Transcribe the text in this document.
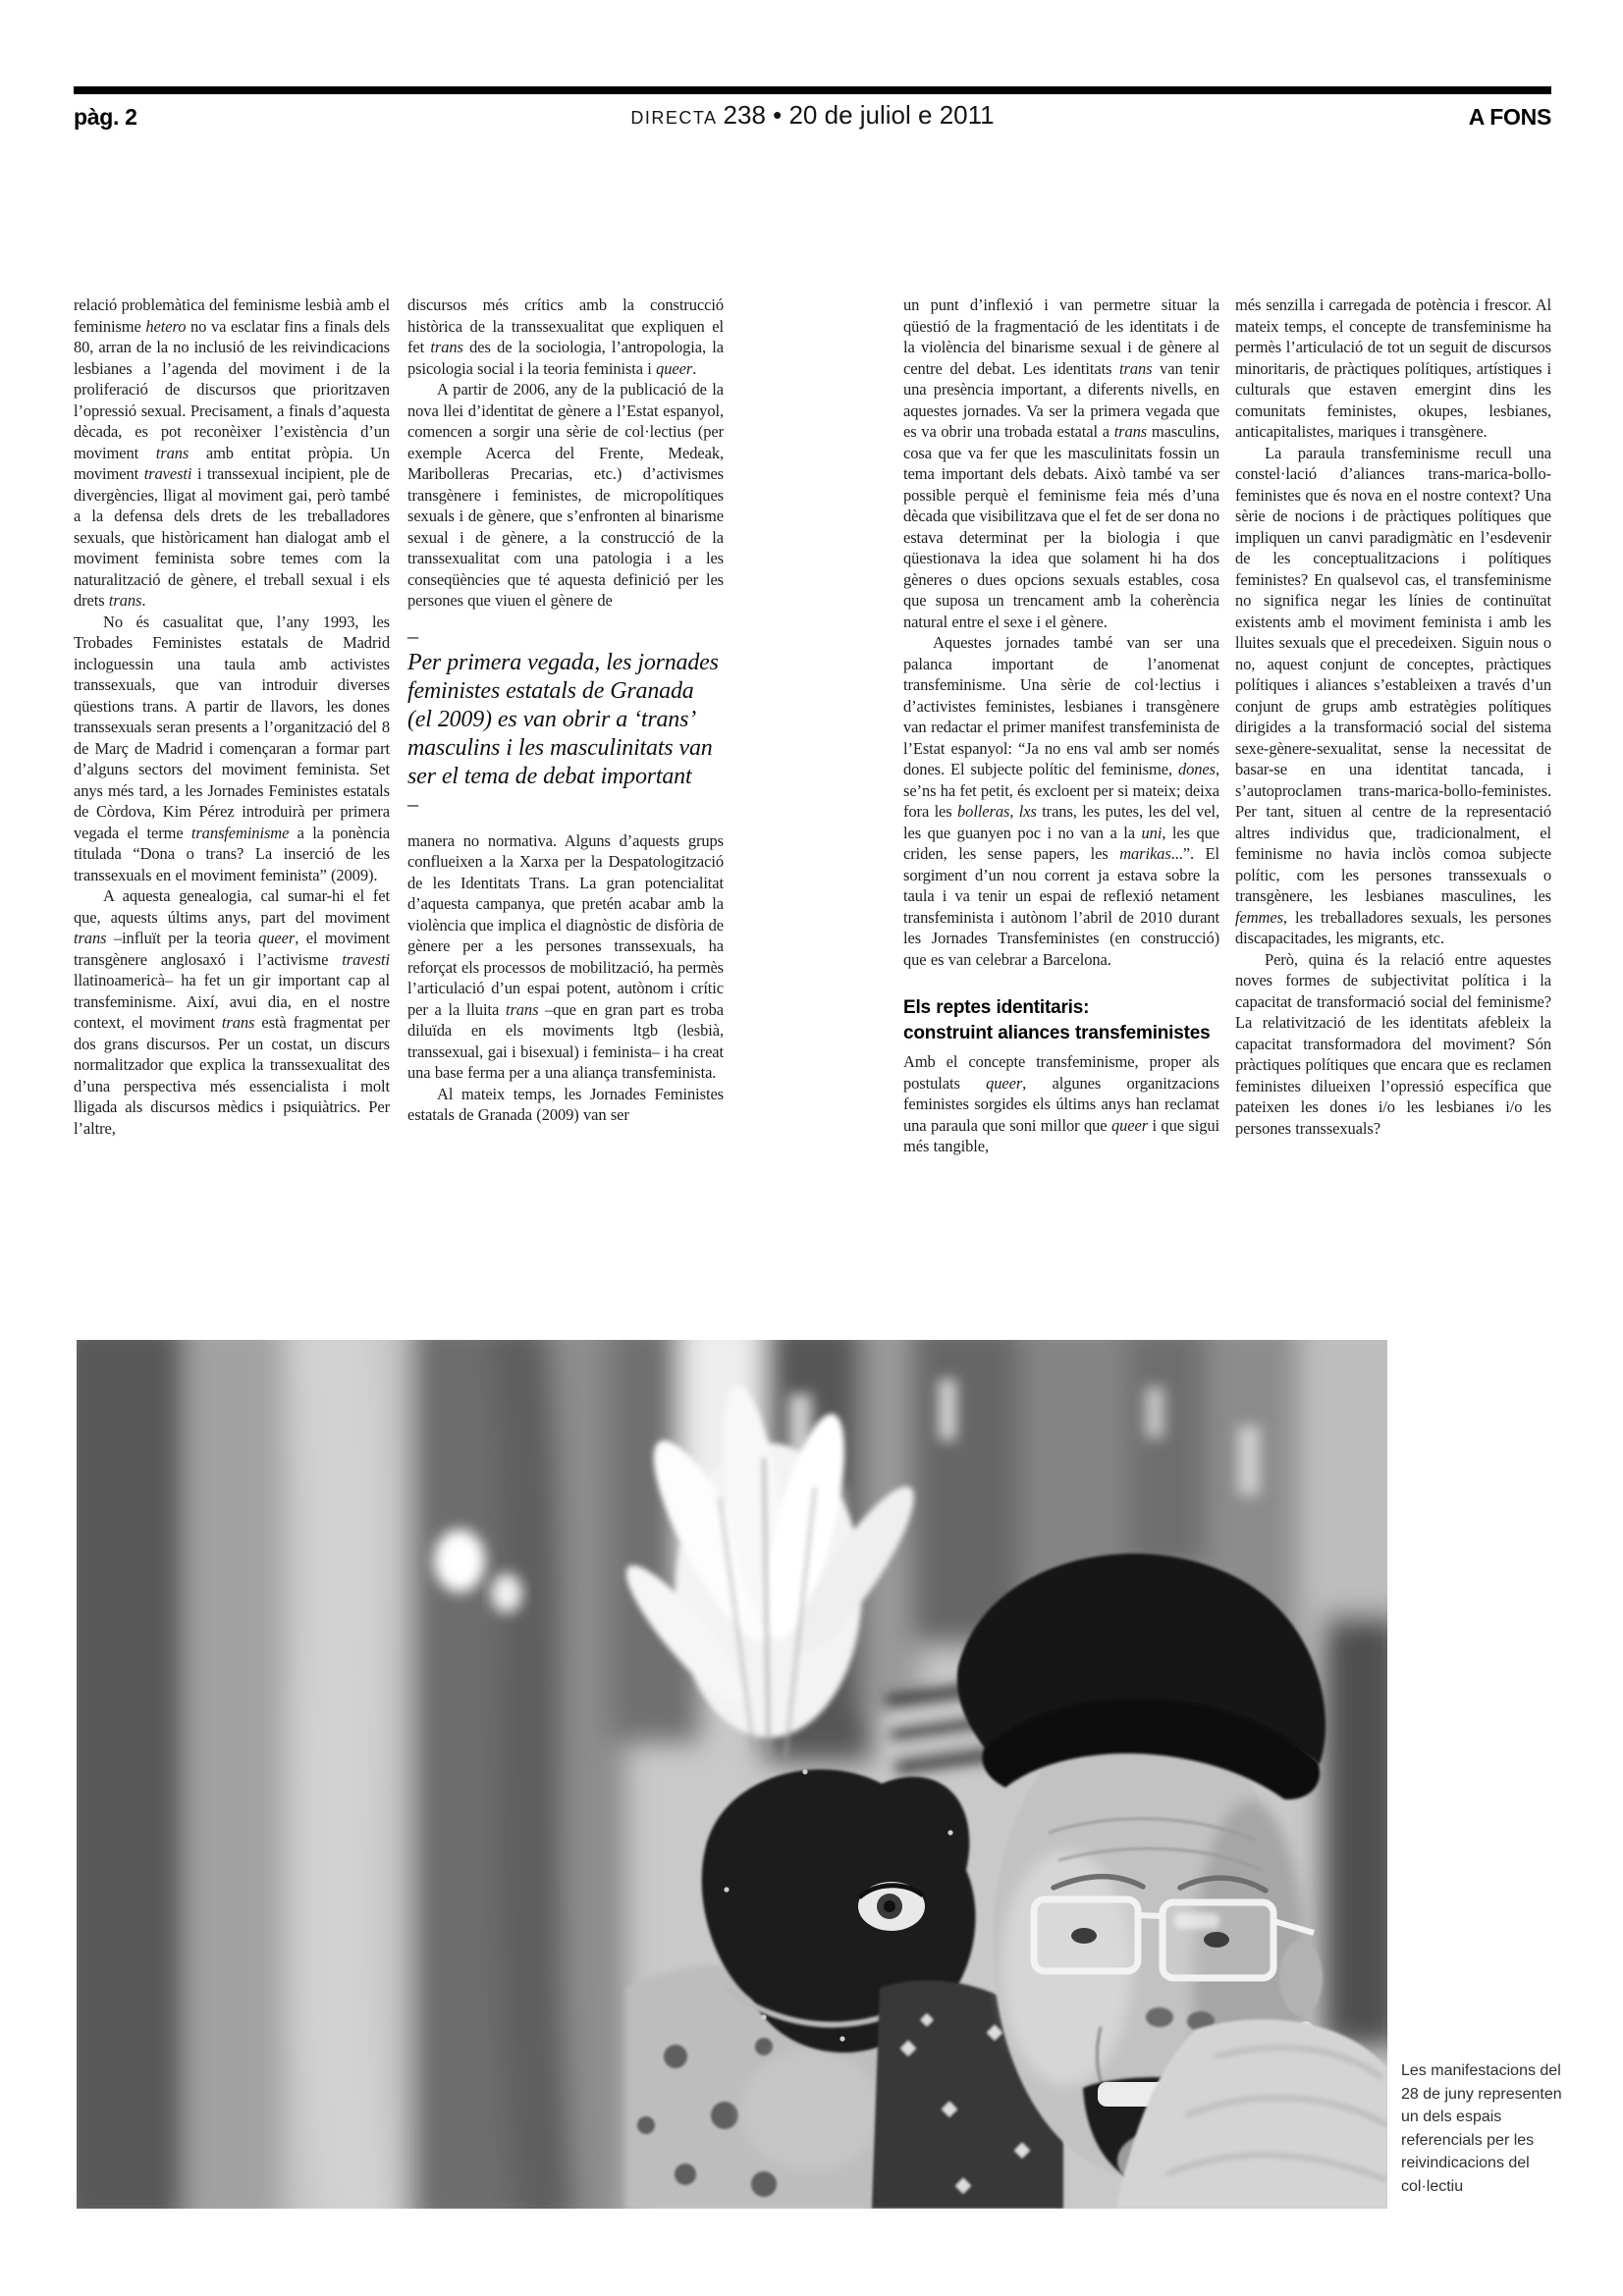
DIRECTA 238 • 20 de juliol e 2011
pàg. 2	A FONS

relació problemàtica del feminisme lesbià amb el feminisme hetero no va esclatar fins a finals dels 80, arran de la no inclusió de les reivindicacions lesbianes a l’agenda del moviment i de la proliferació de discursos que prioritzaven l’opressió sexual. Precisament, a finals d’aquesta dècada, es pot reconèixer l’existència d’un moviment trans amb entitat pròpia. Un moviment travesti i transsexual incipient, ple de divergències, lligat al moviment gai, però també a la defensa dels drets de les treballadores sexuals, que històricament han dialogat amb el moviment feminista sobre temes com la naturalització de gènere, el treball sexual i els drets trans.

No és casualitat que, l’any 1993, les Trobades Feministes estatals de Madrid incloguessin una taula amb activistes transsexuals, que van introduir diverses qüestions trans. A partir de llavors, les dones transsexuals seran presents a l’organització del 8 de Març de Madrid i començaran a formar part d’alguns sectors del moviment feminista. Set anys més tard, a les Jornades Feministes estatals de Còrdova, Kim Pérez introduirà per primera vegada el terme transfeminisme a la ponència titulada “Dona o trans? La inserció de les transsexuals en el moviment feminista” (2009).

A aquesta genealogia, cal sumar-hi el fet que, aquests últims anys, part del moviment trans –influït per la teoria queer, el moviment transgènere anglosaxó i l’activisme travesti llatinoamericà– ha fet un gir important cap al transfeminisme. Així, avui dia, en el nostre context, el moviment trans està fragmentat per dos grans discursos. Per un costat, un discurs normalitzador que explica la transsexualitat des d’una perspectiva més essencialista i molt lligada als discursos mèdics i psiquiàtrics. Per l’altre,

discursos més crítics amb la construcció històrica de la transsexualitat que expliquen el fet trans des de la sociologia, l’antropologia, la psicologia social i la teoria feminista i queer.

A partir de 2006, any de la publicació de la nova llei d’identitat de gènere a l’Estat espanyol, comencen a sorgir una sèrie de col·lectius (per exemple Acerca del Frente, Medeak, Maribolleras Precarias, etc.) d’activismes transgènere i feministes, de micropolítiques sexuals i de gènere, que s’enfronten al binarisme sexual i de gènere, a la construcció de la transsexualitat com una patologia i a les conseqüències que té aquesta definició per les persones que viuen el gènere de

–
Per primera vegada, les jornades feministes estatals de Granada (el 2009) es van obrir a ‘trans’ masculins i les masculinitats van ser el tema de debat important
–

manera no normativa. Alguns d’aquests grups conflueixen a la Xarxa per la Despatologització de les Identitats Trans. La gran potencialitat d’aquesta campanya, que pretén acabar amb la violència que implica el diagnòstic de disfòria de gènere per a les persones transsexuals, ha reforçat els processos de mobilització, ha permès l’articulació d’un espai potent, autònom i crític per a la lluita trans –que en gran part es troba diluïda en els moviments ltgb (lesbià, transsexual, gai i bisexual) i feminista– i ha creat una base ferma per a una aliança transfeminista.

Al mateix temps, les Jornades Feministes estatals de Granada (2009) van ser

un punt d’inflexió i van permetre situar la qüestió de la fragmentació de les identitats i de la violència del binarisme sexual i de gènere al centre del debat. Les identitats trans van tenir una presència important, a diferents nivells, en aquestes jornades. Va ser la primera vegada que es va obrir una trobada estatal a trans masculins, cosa que va fer que les masculinitats fossin un tema important dels debats. Això també va ser possible perquè el feminisme feia més d’una dècada que visibilitzava que el fet de ser dona no estava determinat per la biologia i que qüestionava la idea que solament hi ha dos gèneres o dues opcions sexuals estables, cosa que suposa un trencament amb la coherència natural entre el sexe i el gènere.

Aquestes jornades també van ser una palanca important de l’anomenat transfeminisme. Una sèrie de col·lectius i d’activistes feministes, lesbianes i transgènere van redactar el primer manifest transfeminista de l’Estat espanyol: “Ja no ens val amb ser només dones. El subjecte polític del feminisme, dones, se’ns ha fet petit, és excloent per si mateix; deixa fora les bolleras, lxs trans, les putes, les del vel, les que guanyen poc i no van a la uni, les que criden, les sense papers, les marikas...”. El sorgiment d’un nou corrent ja estava sobre la taula i va tenir un espai de reflexió netament transfeminista i autònom l’abril de 2010 durant les Jornades Transfeministes (en construcció) que es van celebrar a Barcelona.

Els reptes identitaris:
construint aliances transfeministes

Amb el concepte transfeminisme, proper als postulats queer, algunes organitzacions feministes sorgides els últims anys han reclamat una paraula que soni millor que queer i que sigui més tangible,

més senzilla i carregada de potència i frescor. Al mateix temps, el concepte de transfeminisme ha permès l’articulació de tot un seguit de discursos minoritaris, de pràctiques polítiques, artístiques i culturals que estaven emergint dins les comunitats feministes, okupes, lesbianes, anticapitalistes, mariques i transgènere.

La paraula transfeminisme recull una constel·lació d’aliances trans-marica-bollo-feministes que és nova en el nostre context? Una sèrie de nocions i de pràctiques polítiques que impliquen un canvi paradigmàtic en l’esdevenir de les conceptualitzacions i polítiques feministes? En qualsevol cas, el transfeminisme no significa negar les línies de continuïtat existents amb el moviment feminista i amb les lluites sexuals que el precedeixen. Siguin nous o no, aquest conjunt de conceptes, pràctiques polítiques i aliances s’estableixen a través d’un conjunt de grups amb estratègies polítiques dirigides a la transformació social del sistema sexe-gènere-sexualitat, sense la necessitat de basar-se en una identitat tancada, i s’autoproclamen trans-marica-bollo-feministes. Per tant, situen al centre de la representació altres individus que, tradicionalment, el feminisme no havia inclòs comoa subjecte polític, com les persones transsexuals o transgènere, les lesbianes masculines, les femmes, les treballadores sexuals, les persones discapacitades, les migrants, etc.

Però, quina és la relació entre aquestes noves formes de subjectivitat política i la capacitat de transformació social del feminisme? La relativització de les identitats afebleix la capacitat transformadora del moviment? Són pràctiques polítiques que encara que es reclamen feministes dilueixen l’opressió específica que pateixen les dones i/o les lesbianes i/o les persones transsexuals?

Les manifestacions del 28 de juny representen un dels espais referencials per les reivindicacions del col·lectiu
